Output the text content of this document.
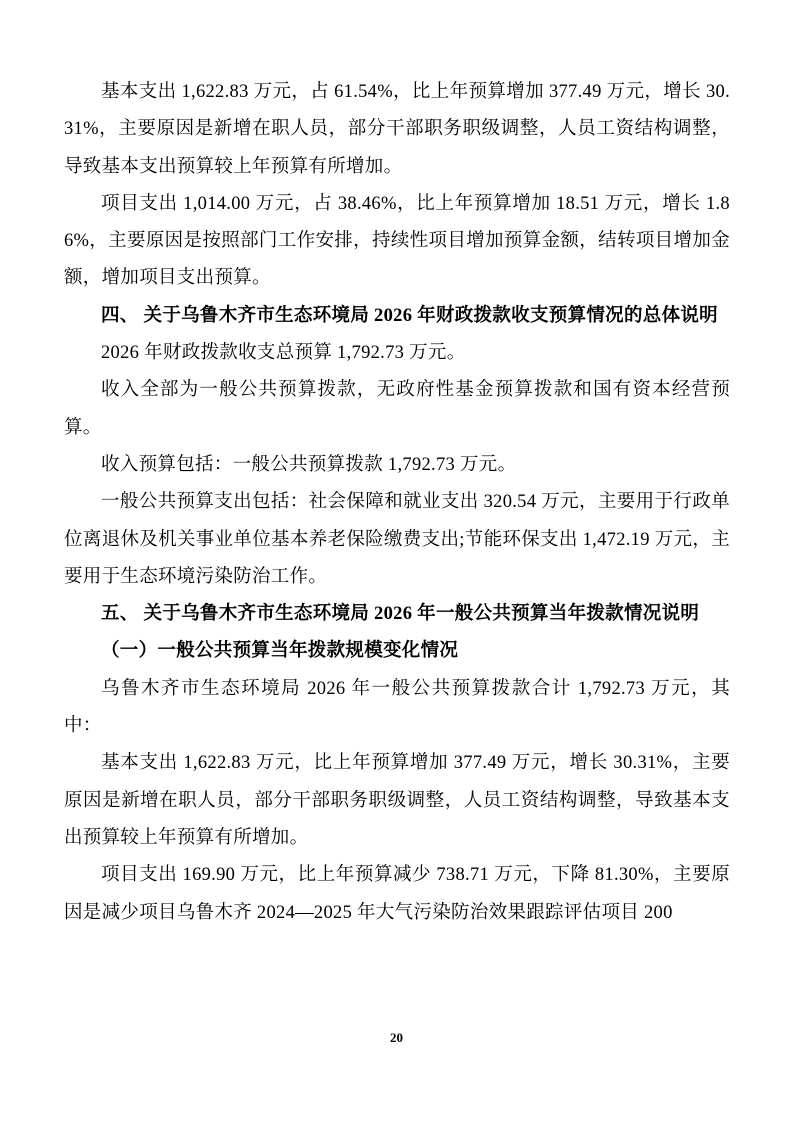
基本支出 1,622.83 万元，占 61.54%，比上年预算增加 377.49 万元，增长 30.31%，主要原因是新增在职人员，部分干部职务职级调整，人员工资结构调整，导致基本支出预算较上年预算有所增加。

项目支出 1,014.00 万元，占 38.46%，比上年预算增加 18.51 万元，增长 1.86%，主要原因是按照部门工作安排，持续性项目增加预算金额，结转项目增加金额，增加项目支出预算。

四、 关于乌鲁木齐市生态环境局 2026 年财政拨款收支预算情况的总体说明

2026 年财政拨款收支总预算 1,792.73 万元。

收入全部为一般公共预算拨款，无政府性基金预算拨款和国有资本经营预算。

收入预算包括：一般公共预算拨款 1,792.73 万元。

一般公共预算支出包括：社会保障和就业支出 320.54 万元，主要用于行政单位离退休及机关事业单位基本养老保险缴费支出;节能环保支出 1,472.19 万元，主要用于生态环境污染防治工作。

五、 关于乌鲁木齐市生态环境局 2026 年一般公共预算当年拨款情况说明

（一）一般公共预算当年拨款规模变化情况

乌鲁木齐市生态环境局 2026 年一般公共预算拨款合计 1,792.73 万元，其中：

基本支出 1,622.83 万元，比上年预算增加 377.49 万元，增长 30.31%，主要原因是新增在职人员，部分干部职务职级调整，人员工资结构调整，导致基本支出预算较上年预算有所增加。

项目支出 169.90 万元，比上年预算减少 738.71 万元，下降 81.30%，主要原因是减少项目乌鲁木齐 2024—2025 年大气污染防治效果跟踪评估项目 200

20
